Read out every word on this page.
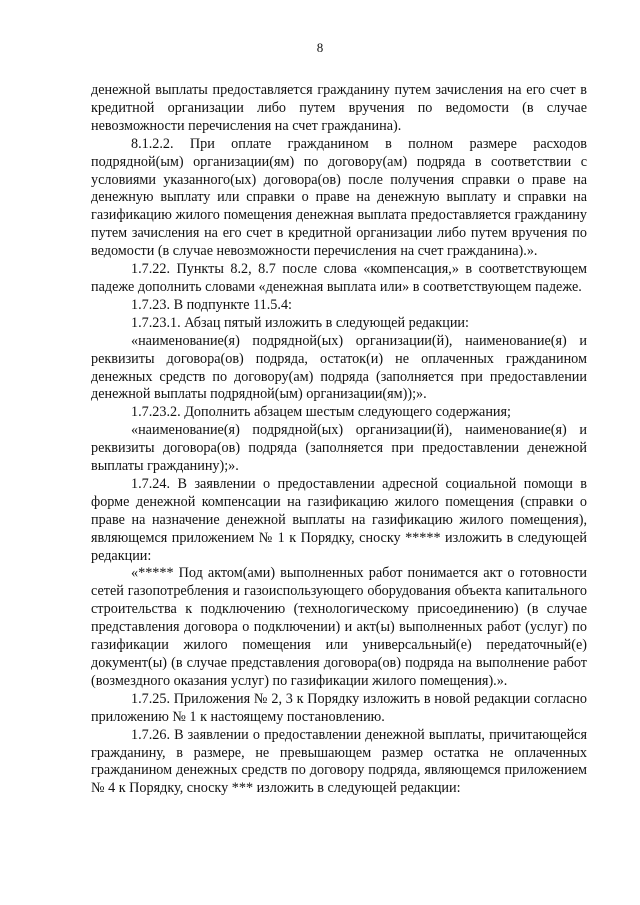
8

денежной выплаты предоставляется гражданину путем зачисления на его счет в кредитной организации либо путем вручения по ведомости (в случае невозможности перечисления на счет гражданина).

8.1.2.2. При оплате гражданином в полном размере расходов подрядной(ым) организации(ям) по договору(ам) подряда в соответствии с условиями указанного(ых) договора(ов) после получения справки о праве на денежную выплату или справки о праве на денежную выплату и справки на газификацию жилого помещения денежная выплата предоставляется гражданину путем зачисления на его счет в кредитной организации либо путем вручения по ведомости (в случае невозможности перечисления на счет гражданина).».

1.7.22. Пункты 8.2, 8.7 после слова «компенсация,» в соответствующем падеже дополнить словами «денежная выплата или» в соответствующем падеже.

1.7.23. В подпункте 11.5.4:

1.7.23.1. Абзац пятый изложить в следующей редакции:

«наименование(я) подрядной(ых) организации(й), наименование(я) и реквизиты договора(ов) подряда, остаток(и) не оплаченных гражданином денежных средств по договору(ам) подряда (заполняется при предоставлении денежной выплаты подрядной(ым) организации(ям));».

1.7.23.2. Дополнить абзацем шестым следующего содержания;

«наименование(я) подрядной(ых) организации(й), наименование(я) и реквизиты договора(ов) подряда (заполняется при предоставлении денежной выплаты гражданину);».

1.7.24. В заявлении о предоставлении адресной социальной помощи в форме денежной компенсации на газификацию жилого помещения (справки о праве на назначение денежной выплаты на газификацию жилого помещения), являющемся приложением № 1 к Порядку, сноску ***** изложить в следующей редакции:

«***** Под актом(ами) выполненных работ понимается акт о готовности сетей газопотребления и газоиспользующего оборудования объекта капитального строительства к подключению (технологическому присоединению) (в случае представления договора о подключении) и акт(ы) выполненных работ (услуг) по газификации жилого помещения или универсальный(е) передаточный(е) документ(ы) (в случае представления договора(ов) подряда на выполнение работ (возмездного оказания услуг) по газификации жилого помещения).».

1.7.25. Приложения № 2, 3 к Порядку изложить в новой редакции согласно приложению № 1 к настоящему постановлению.

1.7.26. В заявлении о предоставлении денежной выплаты, причитающейся гражданину, в размере, не превышающем размер остатка не оплаченных гражданином денежных средств по договору подряда, являющемся приложением № 4 к Порядку, сноску *** изложить в следующей редакции:
